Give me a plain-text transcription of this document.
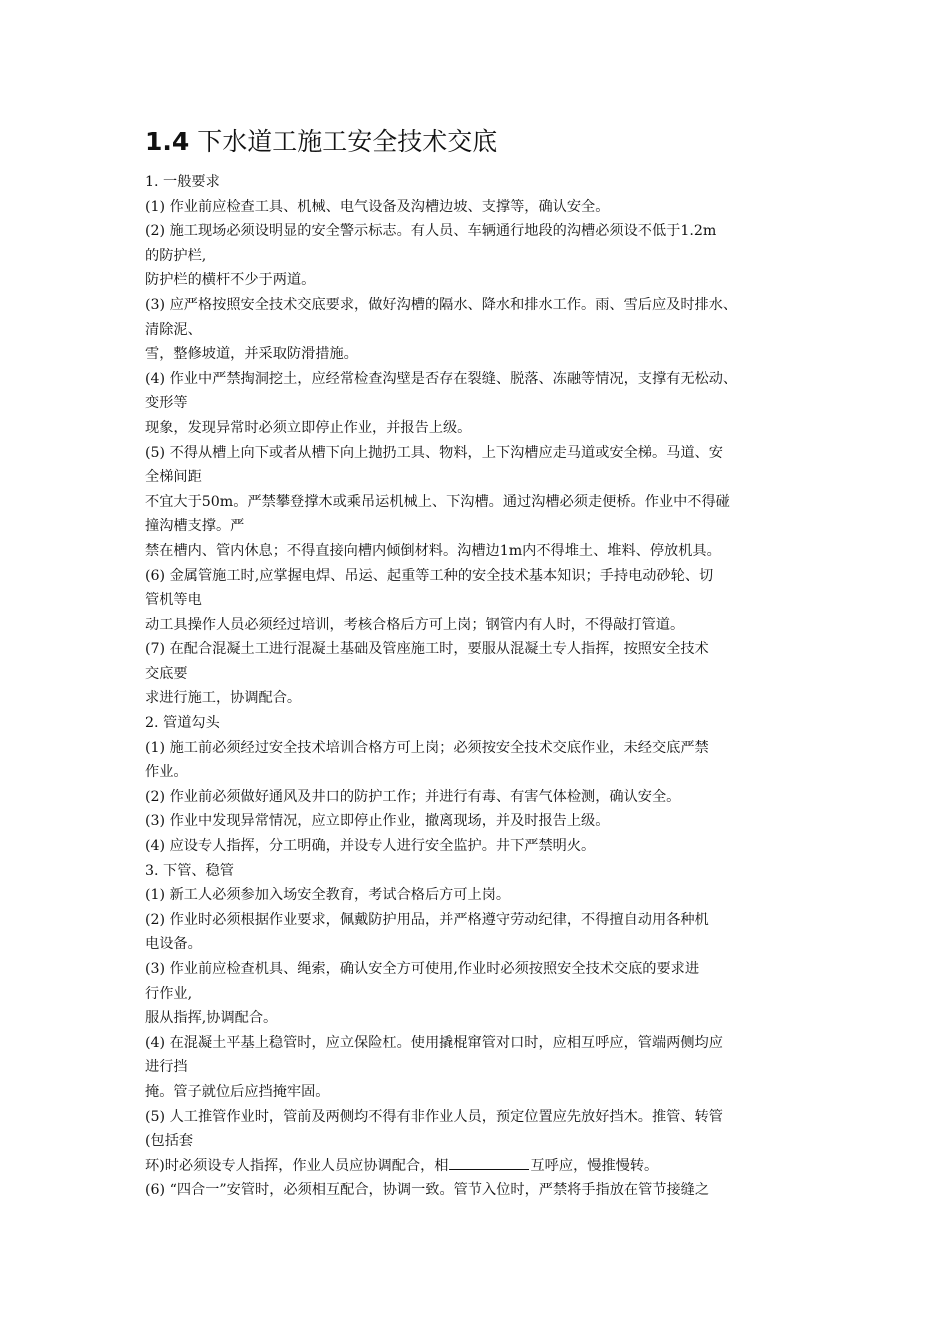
1.4 下水道工施工安全技术交底
1. 一般要求
(1) 作业前应检查工具、机械、电气设备及沟槽边坡、支撑等，确认安全。
(2) 施工现场必须设明显的安全警示标志。有人员、车辆通行地段的沟槽必须设不低于1.2m
的防护栏,
防护栏的横杆不少于两道。
(3) 应严格按照安全技术交底要求，做好沟槽的隔水、降水和排水工作。雨、雪后应及时排水、
清除泥、
雪，整修坡道，并采取防滑措施。
(4) 作业中严禁掏洞挖土，应经常检查沟壁是否存在裂缝、脱落、冻融等情况，支撑有无松动、
变形等
现象，发现异常时必须立即停止作业，并报告上级。
(5) 不得从槽上向下或者从槽下向上抛扔工具、物料，上下沟槽应走马道或安全梯。马道、安
全梯间距
不宜大于50m。严禁攀登撑木或乘吊运机械上、下沟槽。通过沟槽必须走便桥。作业中不得碰
撞沟槽支撑。严
禁在槽内、管内休息；不得直接向槽内倾倒材料。沟槽边1m内不得堆土、堆料、停放机具。
(6) 金属管施工时,应掌握电焊、吊运、起重等工种的安全技术基本知识；手持电动砂轮、切
管机等电
动工具操作人员必须经过培训，考核合格后方可上岗；钢管内有人时，不得敲打管道。
(7) 在配合混凝土工进行混凝土基础及管座施工时，要服从混凝土专人指挥，按照安全技术
交底要
求进行施工，协调配合。
2. 管道勾头
(1) 施工前必须经过安全技术培训合格方可上岗；必须按安全技术交底作业，未经交底严禁
作业。
(2) 作业前必须做好通风及井口的防护工作；并进行有毒、有害气体检测，确认安全。
(3) 作业中发现异常情况，应立即停止作业，撤离现场，并及时报告上级。
(4) 应设专人指挥，分工明确，并设专人进行安全监护。井下严禁明火。
3. 下管、稳管
(1) 新工人必须参加入场安全教育，考试合格后方可上岗。
(2) 作业时必须根据作业要求，佩戴防护用品，并严格遵守劳动纪律，不得擅自动用各种机
电设备。
(3) 作业前应检查机具、绳索，确认安全方可使用,作业时必须按照安全技术交底的要求进
行作业,
服从指挥,协调配合。
(4) 在混凝土平基上稳管时，应立保险杠。使用撬棍窜管对口时，应相互呼应，管端两侧均应
进行挡
掩。管子就位后应挡掩牢固。
(5) 人工推管作业时，管前及两侧均不得有非作业人员，预定位置应先放好挡木。推管、转管
(包括套
环)时必须设专人指挥，作业人员应协调配合，相	互呼应，慢推慢转。
(6) “四合一”安管时，必须相互配合，协调一致。管节入位时，严禁将手指放在管节接缝之
